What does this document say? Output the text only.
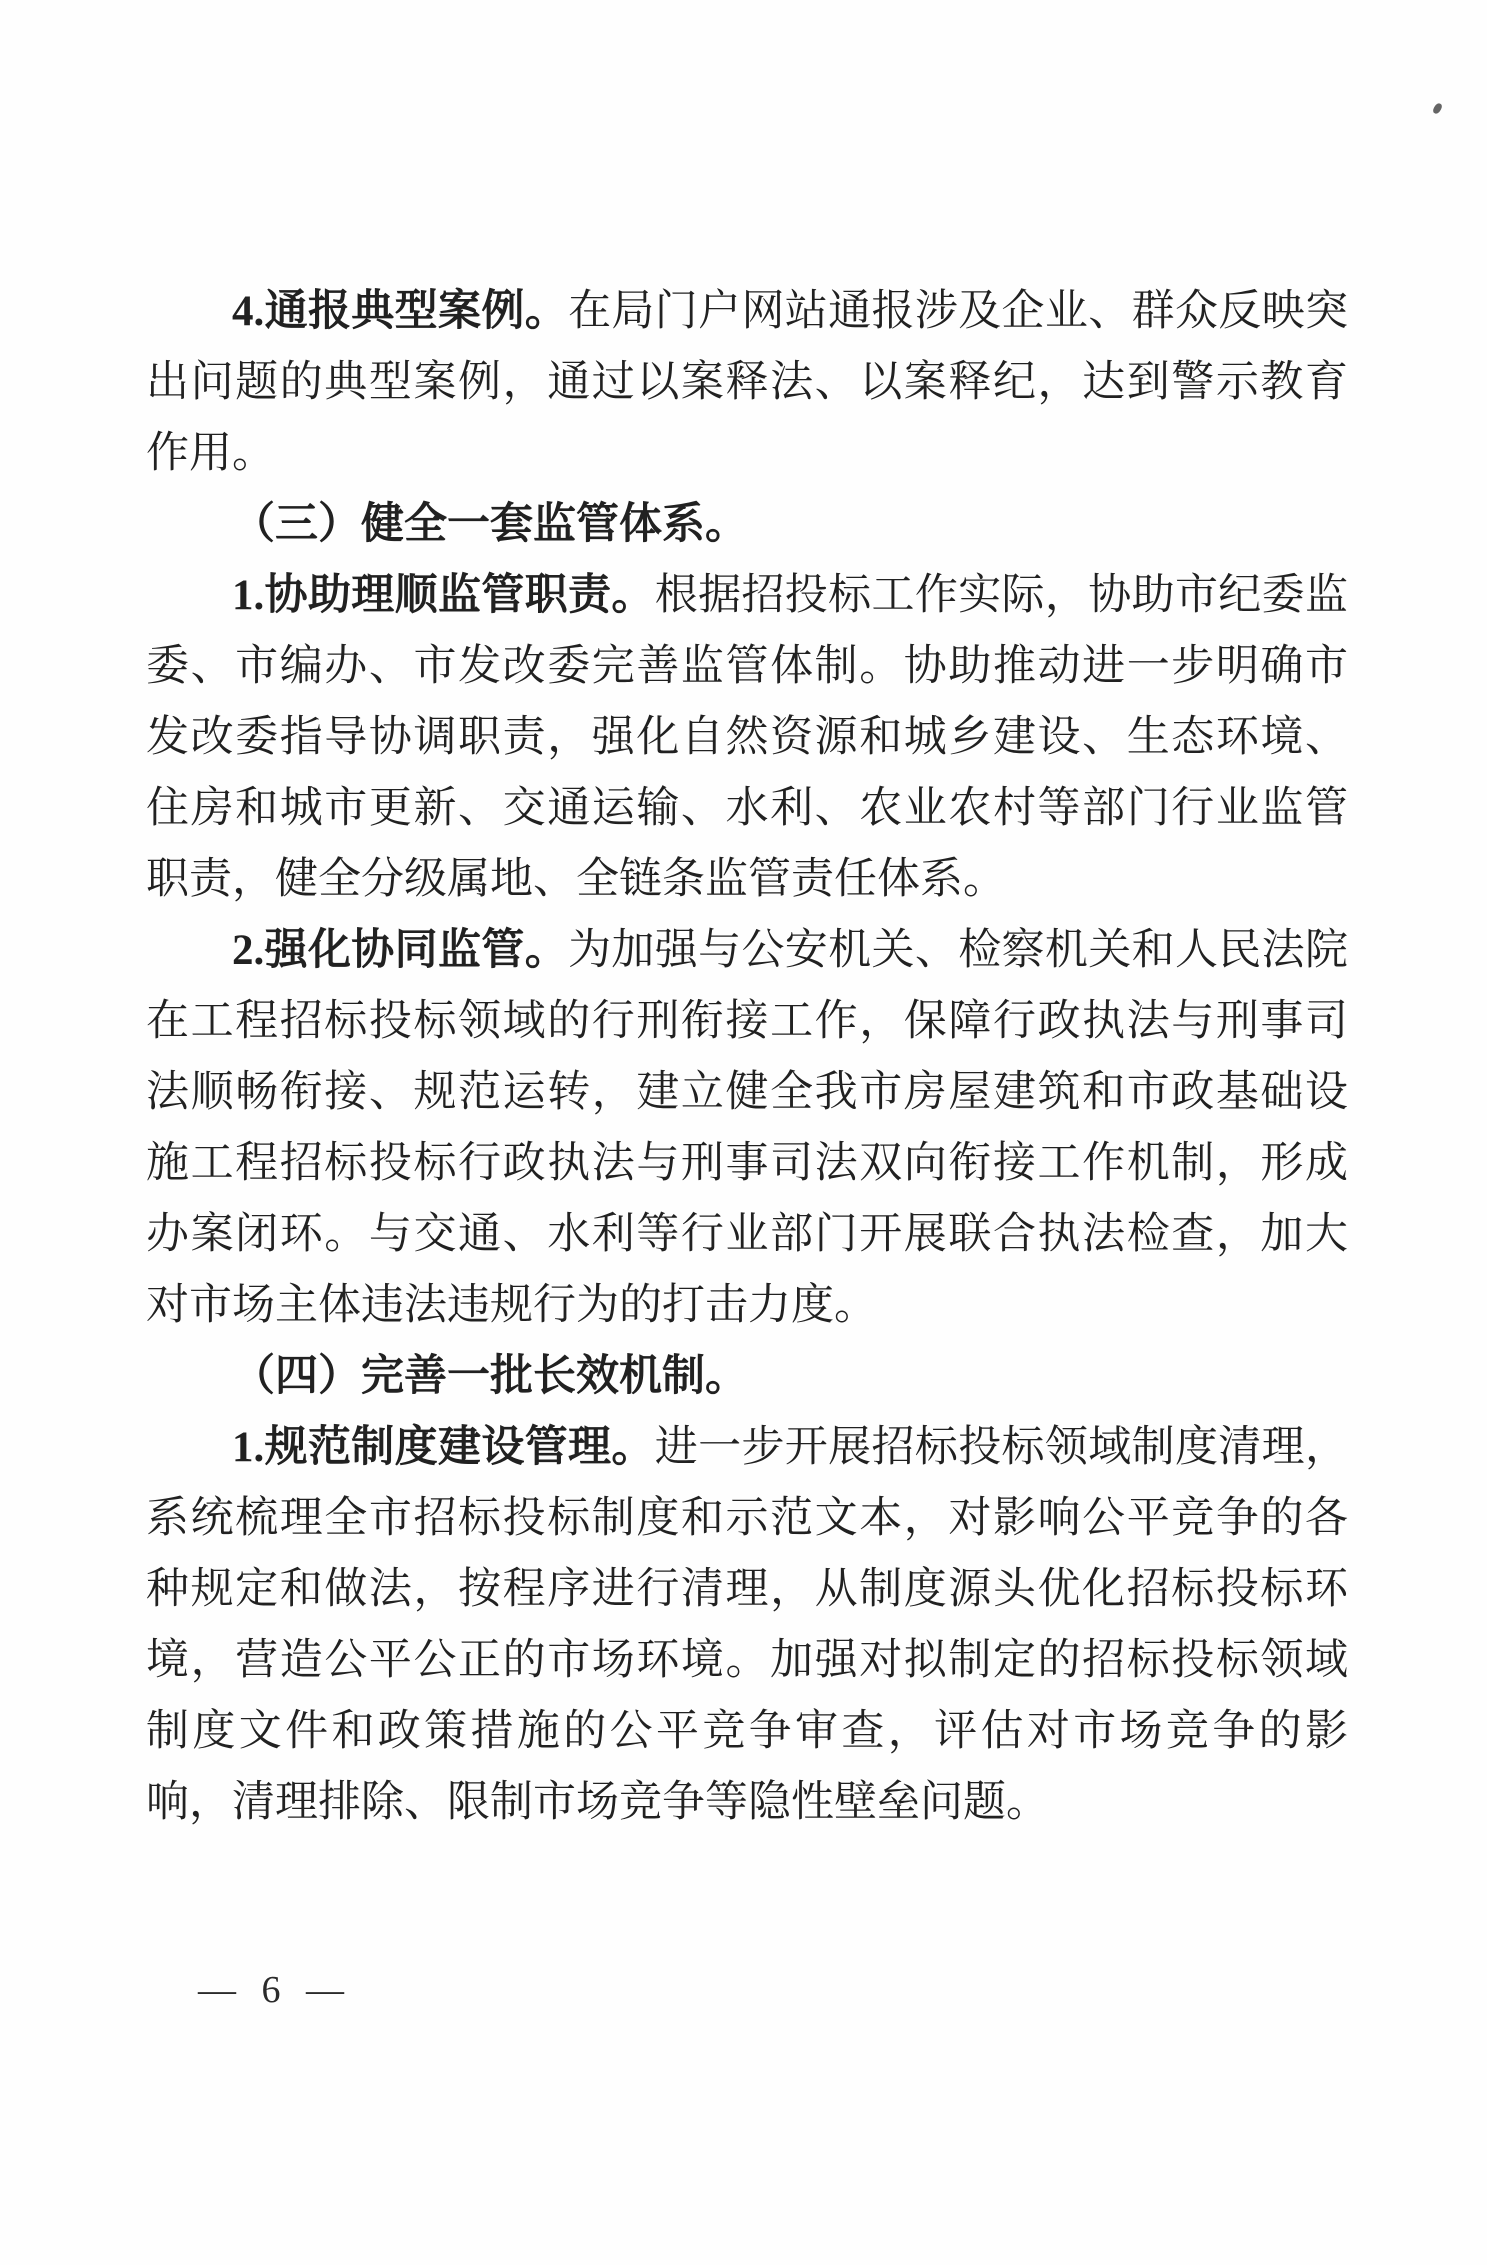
4.通报典型案例。在局门户网站通报涉及企业、群众反映突出问题的典型案例，通过以案释法、以案释纪，达到警示教育作用。

（三）健全一套监管体系。

1.协助理顺监管职责。根据招投标工作实际，协助市纪委监委、市编办、市发改委完善监管体制。协助推动进一步明确市发改委指导协调职责，强化自然资源和城乡建设、生态环境、住房和城市更新、交通运输、水利、农业农村等部门行业监管职责，健全分级属地、全链条监管责任体系。

2.强化协同监管。为加强与公安机关、检察机关和人民法院在工程招标投标领域的行刑衔接工作，保障行政执法与刑事司法顺畅衔接、规范运转，建立健全我市房屋建筑和市政基础设施工程招标投标行政执法与刑事司法双向衔接工作机制，形成办案闭环。与交通、水利等行业部门开展联合执法检查，加大对市场主体违法违规行为的打击力度。

（四）完善一批长效机制。

1.规范制度建设管理。进一步开展招标投标领域制度清理，系统梳理全市招标投标制度和示范文本，对影响公平竞争的各种规定和做法，按程序进行清理，从制度源头优化招标投标环境，营造公平公正的市场环境。加强对拟制定的招标投标领域制度文件和政策措施的公平竞争审查，评估对市场竞争的影响，清理排除、限制市场竞争等隐性壁垒问题。

— 6 —
